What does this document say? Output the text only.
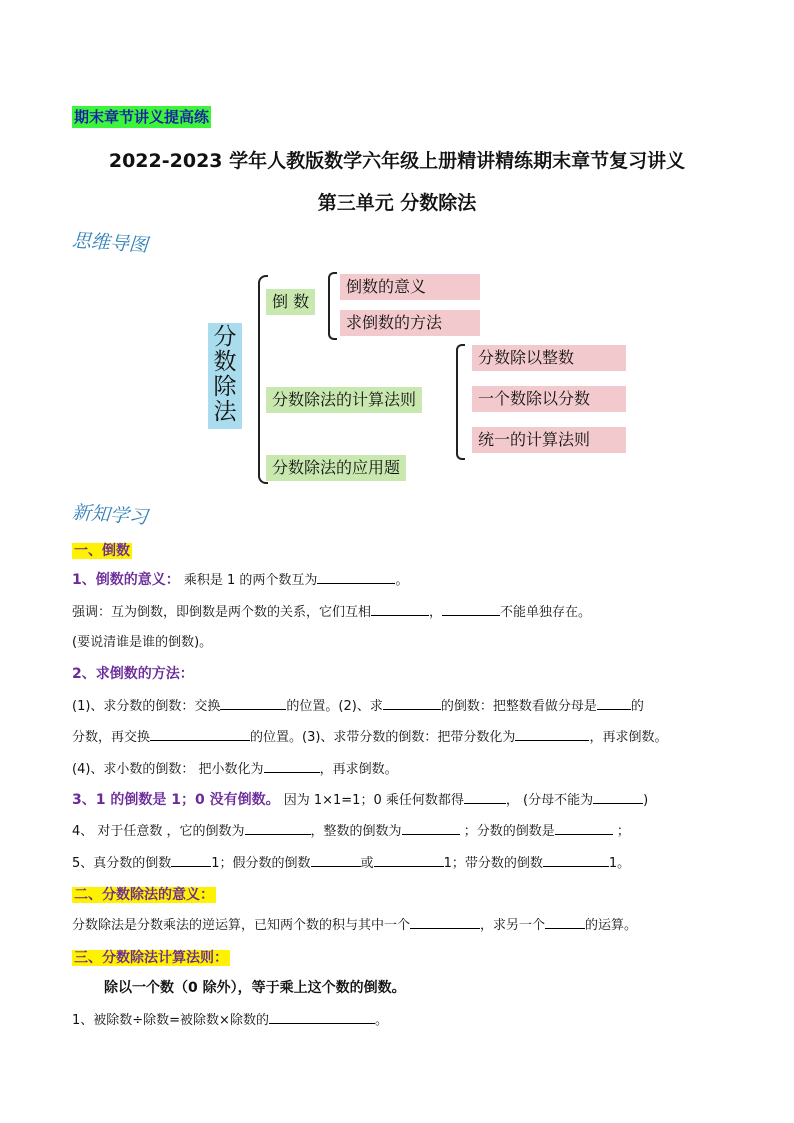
期末章节讲义提高练
2022-2023 学年人教版数学六年级上册精讲精练期末章节复习讲义
第三单元 分数除法
思维导图
分数除法
倒 数
倒数的意义
求倒数的方法
分数除法的计算法则
分数除以整数
一个数除以分数
统一的计算法则
分数除法的应用题
新知学习
一、倒数
1、倒数的意义： 乘积是 1 的两个数互为	。
强调：互为倒数，即倒数是两个数的关系，它们互相	，	不能单独存在。
(要说清谁是谁的倒数)。
2、求倒数的方法：
(1)、求分数的倒数：交换	的位置。(2)、求	的倒数：把整数看做分母是	的
分数，再交换	的位置。(3)、求带分数的倒数：把带分数化为	，再求倒数。
(4)、求小数的倒数： 把小数化为	，再求倒数。
3、1 的倒数是 1；0 没有倒数。 因为 1×1=1；0 乘任何数都得	， (分母不能为	)
4、 对于任意数 ，它的倒数为	，整数的倒数为	；分数的倒数是	；
5、真分数的倒数	1；假分数的倒数	或	1；带分数的倒数	1。
二、分数除法的意义：
分数除法是分数乘法的逆运算，已知两个数的积与其中一个	，求另一个	的运算。
三、分数除法计算法则：
除以一个数（0 除外），等于乘上这个数的倒数。
1、被除数÷除数=被除数×除数的	。
